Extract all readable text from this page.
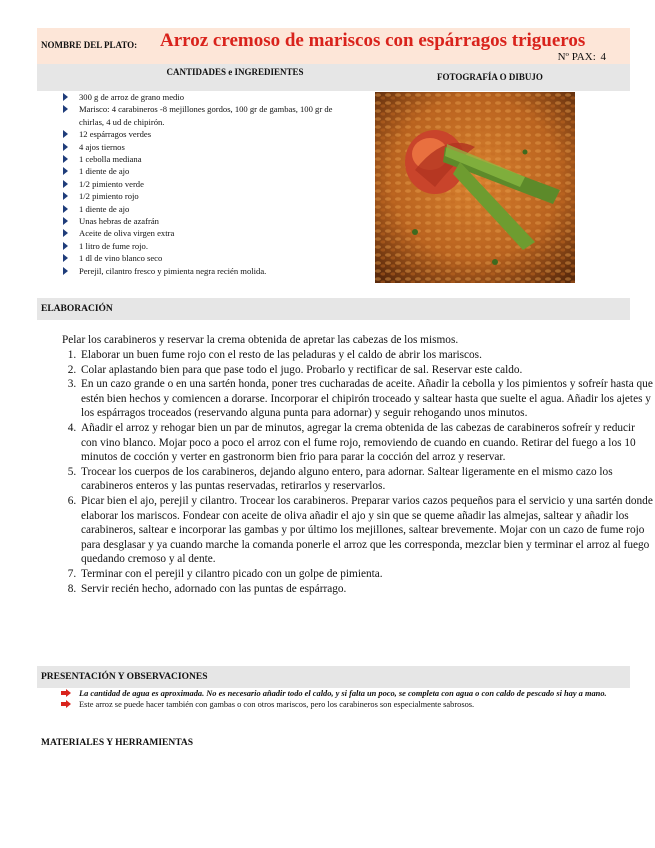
NOMBRE DEL PLATO: Arroz cremoso de mariscos con espárragos trigueros
Nº PAX: 4
CANTIDADES e INGREDIENTES	FOTOGRAFÍA O DIBUJO
300 g de arroz de grano medio
Marisco: 4 carabineros -8 mejillones gordos, 100 gr de gambas, 100 gr de chirlas, 4 ud de chipirón.
12 espárragos verdes
4 ajos tiernos
1 cebolla mediana
1 diente de ajo
1/2 pimiento verde
1/2 pimiento rojo
1 diente de ajo
Unas hebras de azafrán
Aceite de oliva virgen extra
1 litro de fume rojo.
1 dl de vino blanco seco
Perejil, cilantro fresco y pimienta negra recién molida.
ELABORACIÓN
Pelar los carabineros y reservar la crema obtenida de apretar las cabezas de los mismos.
1. Elaborar un buen fume rojo con el resto de las peladuras y el caldo de abrir los mariscos.
2. Colar aplastando bien para que pase todo el jugo. Probarlo y rectificar de sal. Reservar este caldo.
3. En un cazo grande o en una sartén honda, poner tres cucharadas de aceite. Añadir la cebolla y los pimientos y sofreír hasta que estén bien hechos y comiencen a dorarse. Incorporar el chipirón troceado y saltear hasta que suelte el agua. Añadir los ajetes y los espárragos troceados (reservando alguna punta para adornar) y seguir rehogando unos minutos.
4. Añadir el arroz y rehogar bien un par de minutos, agregar la crema obtenida de las cabezas de carabineros sofreír y reducir con vino blanco. Mojar poco a poco el arroz con el fume rojo, removiendo de cuando en cuando. Retirar del fuego a los 10 minutos de cocción y verter en gastronorm bien frio para parar la cocción del arroz y reservar.
5. Trocear los cuerpos de los carabineros, dejando alguno entero, para adornar. Saltear ligeramente en el mismo cazo los carabineros enteros y las puntas reservadas, retirarlos y reservarlos.
6. Picar bien el ajo, perejil y cilantro. Trocear los carabineros. Preparar varios cazos pequeños para el servicio y una sartén donde elaborar los mariscos. Fondear con aceite de oliva añadir el ajo y sin que se queme añadir las almejas, saltear y añadir los carabineros, saltear e incorporar las gambas y por último los mejillones, saltear brevemente. Mojar con un cazo de fume rojo para desglasar y ya cuando marche la comanda ponerle el arroz que les corresponda, mezclar bien y terminar el arroz al fuego quedando cremoso y al dente.
7. Terminar con el perejil y cilantro picado con un golpe de pimienta.
8. Servir recién hecho, adornado con las puntas de espárrago.
PRESENTACIÓN Y OBSERVACIONES
La cantidad de agua es aproximada. No es necesario añadir todo el caldo, y si falta un poco, se completa con agua o con caldo de pescado si hay a mano.
Este arroz se puede hacer también con gambas o con otros mariscos, pero los carabineros son especialmente sabrosos.
MATERIALES Y HERRAMIENTAS
